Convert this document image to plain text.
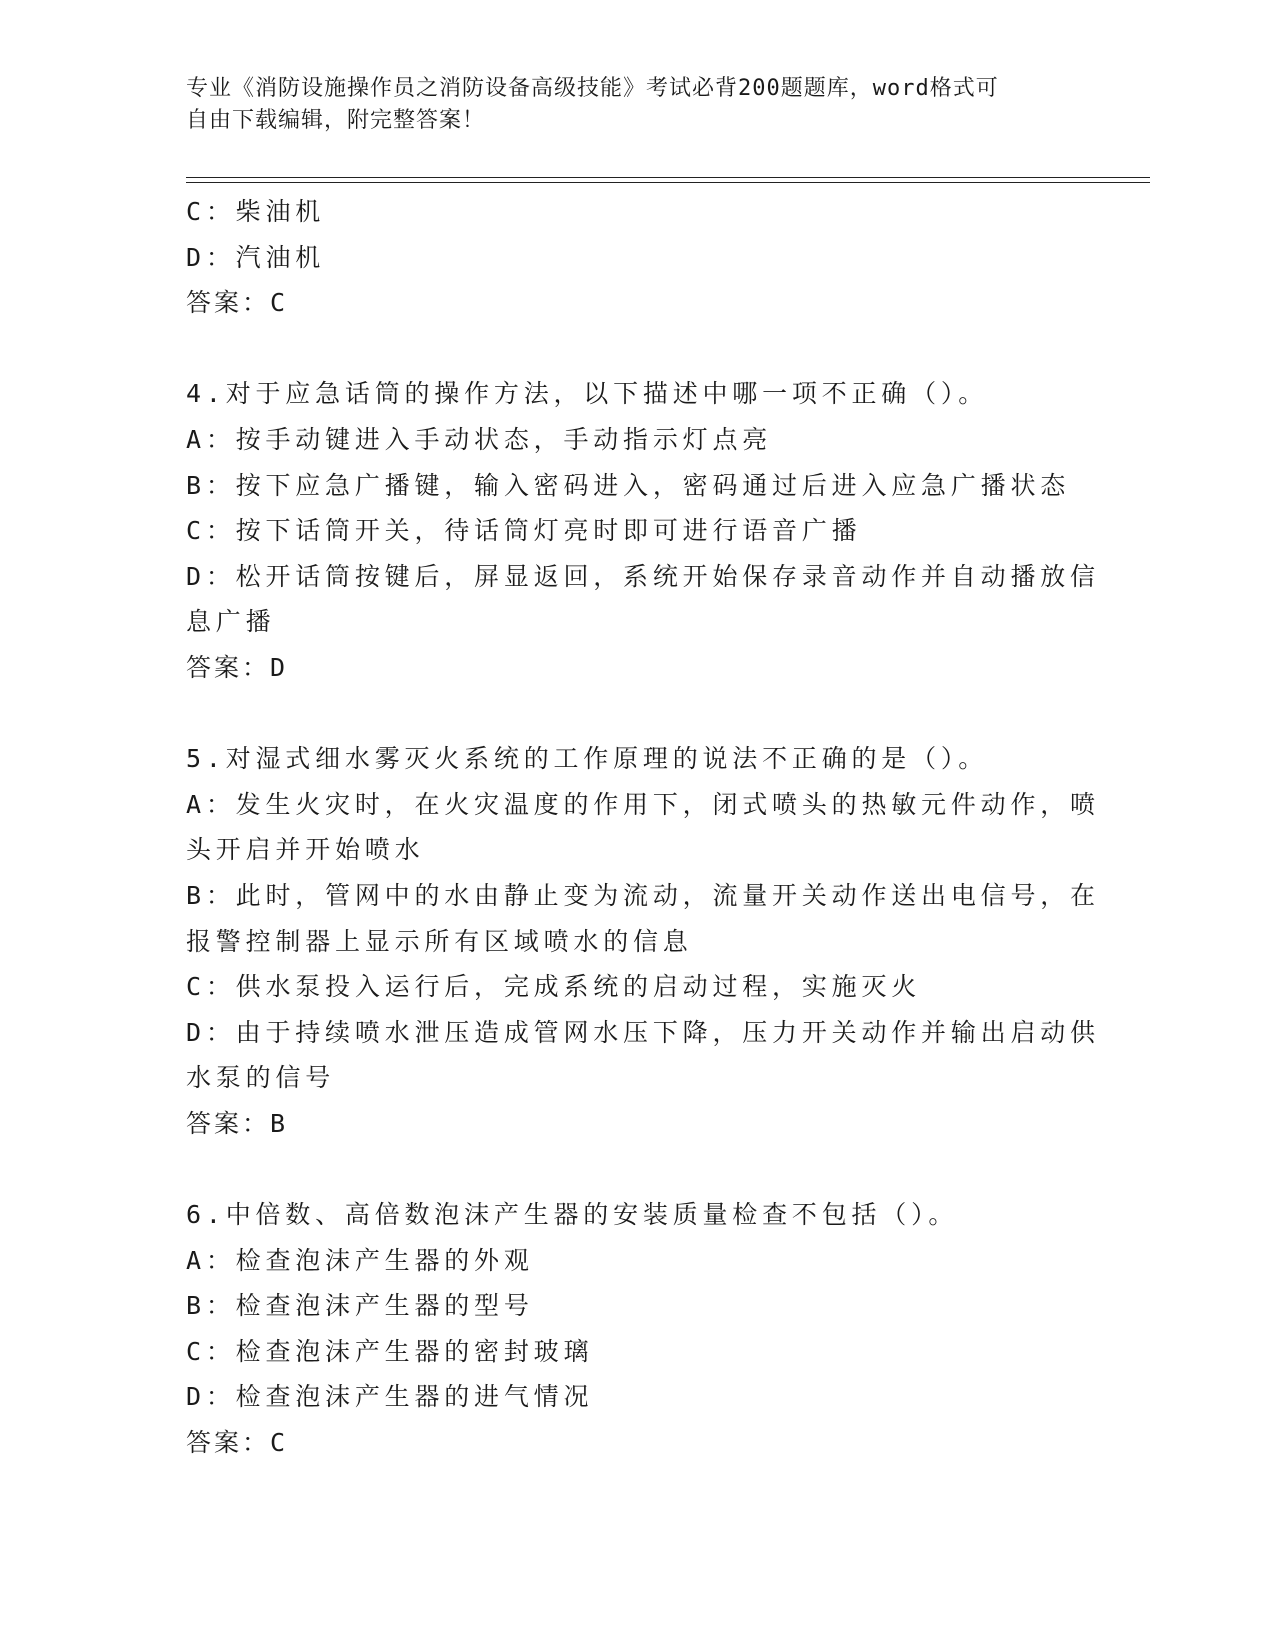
专业《消防设施操作员之消防设备高级技能》考试必背200题题库，word格式可
自由下载编辑，附完整答案！
C：柴油机
D：汽油机
答案：C
4.对于应急话筒的操作方法，以下描述中哪一项不正确（）。
A：按手动键进入手动状态，手动指示灯点亮
B：按下应急广播键，输入密码进入，密码通过后进入应急广播状态
C：按下话筒开关，待话筒灯亮时即可进行语音广播
D：松开话筒按键后，屏显返回，系统开始保存录音动作并自动播放信
息广播
答案：D
5.对湿式细水雾灭火系统的工作原理的说法不正确的是（）。
A：发生火灾时，在火灾温度的作用下，闭式喷头的热敏元件动作，喷
头开启并开始喷水
B：此时，管网中的水由静止变为流动，流量开关动作送出电信号，在
报警控制器上显示所有区域喷水的信息
C：供水泵投入运行后，完成系统的启动过程，实施灭火
D：由于持续喷水泄压造成管网水压下降，压力开关动作并输出启动供
水泵的信号
答案：B
6.中倍数、高倍数泡沫产生器的安装质量检查不包括（）。
A：检查泡沫产生器的外观
B：检查泡沫产生器的型号
C：检查泡沫产生器的密封玻璃
D：检查泡沫产生器的进气情况
答案：C
